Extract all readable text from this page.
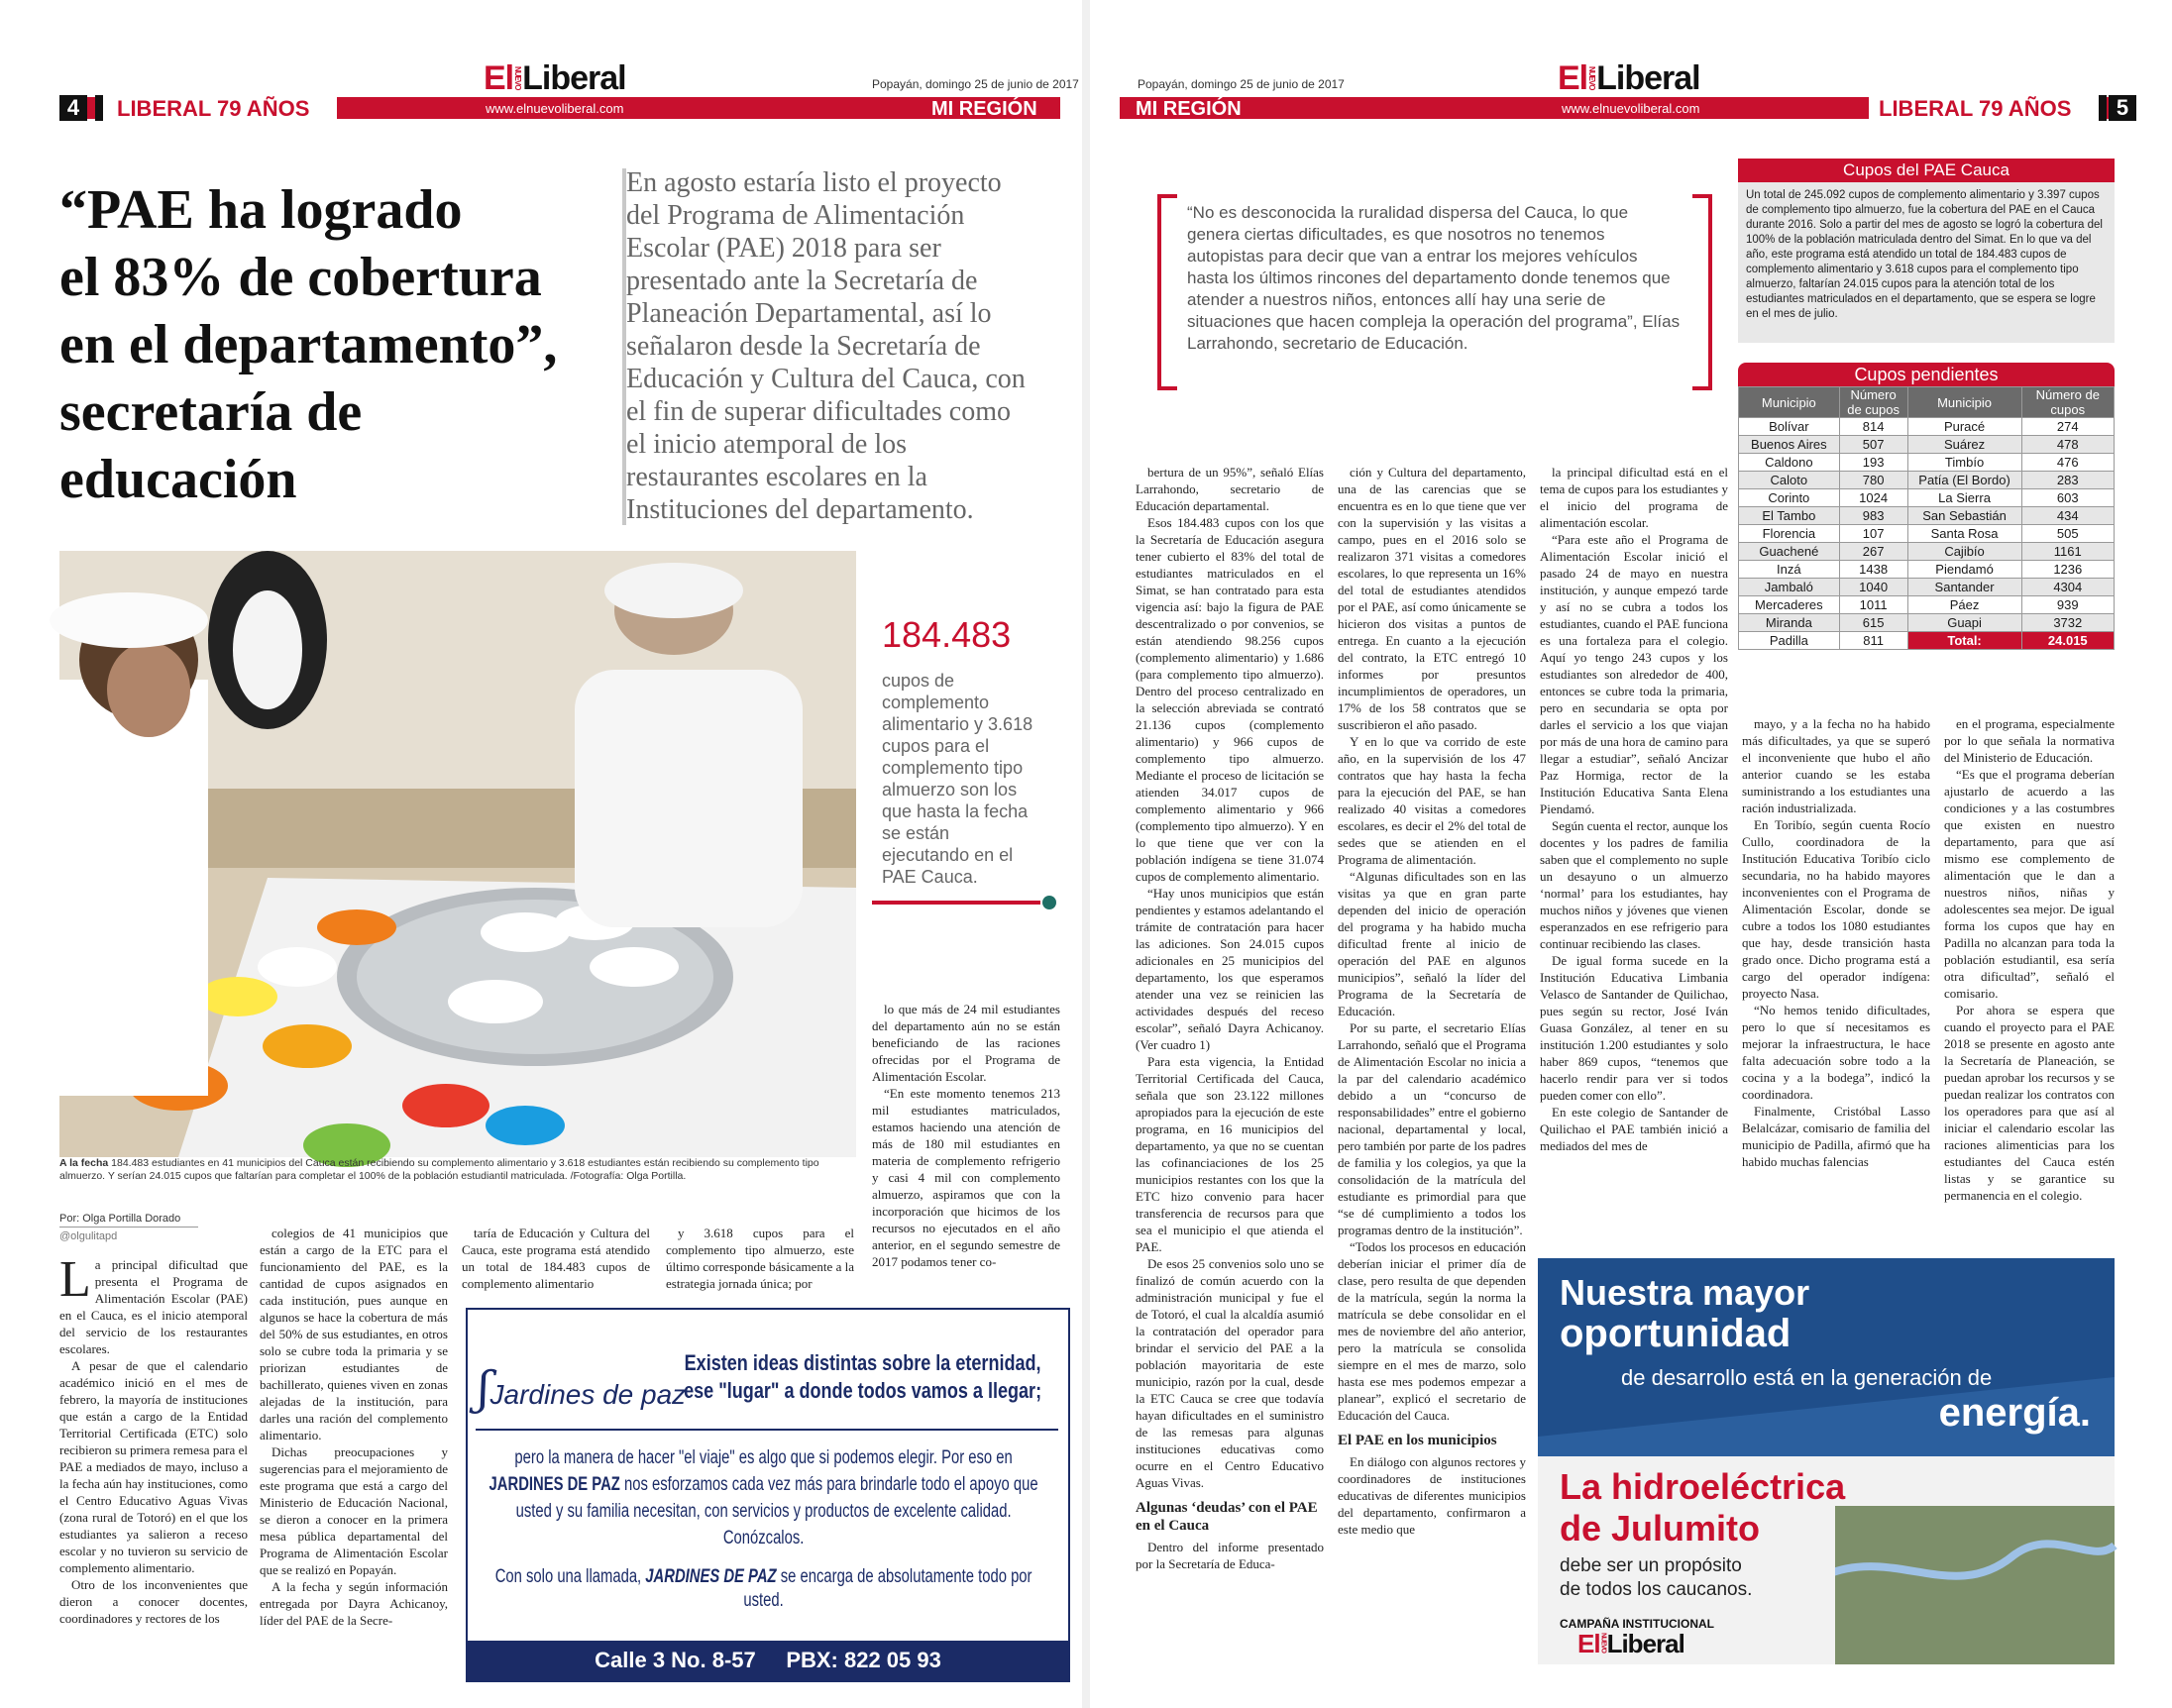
Popayán, domingo 25 de junio de 2017
ElNUEVOLiberal
4	LIBERAL 79 AÑOS	www.elnuevoliberal.com	MI REGIÓN
“PAE ha logrado
el 83% de cobertura
en el departamento”,
secretaría de
educación
En agosto estaría listo el proyecto del Programa de Alimentación Escolar (PAE) 2018 para ser presentado ante la Secretaría de Planeación Departamental, así lo señalaron desde la Secretaría de Educación y Cultura del Cauca, con el fin de superar dificultades como el inicio atemporal de los restaurantes escolares en la Instituciones del departamento.
184.483
cupos de complemento alimentario y 3.618 cupos para el complemento tipo almuerzo son los que hasta la fecha se están ejecutando en el PAE Cauca.
A la fecha 184.483 estudiantes en 41 municipios del Cauca están recibiendo su complemento alimentario y 3.618 estudiantes están recibiendo su complemento tipo almuerzo. Y serían 24.015 cupos que faltarían para completar el 100% de la población estudiantil matriculada. /Fotografía: Olga Portilla.
Por: Olga Portilla Dorado
@olgulitapd

La principal dificultad que presenta el Programa de Alimentación Escolar (PAE) en el Cauca, es el inicio atemporal del servicio de los restaurantes escolares.

A pesar de que el calendario académico inició en el mes de febrero, la mayoría de instituciones que están a cargo de la Entidad Territorial Certificada (ETC) solo recibieron su primera remesa para el PAE a mediados de mayo, incluso a la fecha aún hay instituciones, como el Centro Educativo Aguas Vivas (zona rural de Totoró) en el que los estudiantes ya salieron a receso escolar y no tuvieron su servicio de complemento alimentario.

Otro de los inconvenientes que dieron a conocer docentes, coordinadores y rectores de los

colegios de 41 municipios que están a cargo de la ETC para el funcionamiento del PAE, es la cantidad de cupos asignados en cada institución, pues aunque en algunos se hace la cobertura de más del 50% de sus estudiantes, en otros solo se cubre toda la primaria y se priorizan estudiantes de bachillerato, quienes viven en zonas alejadas de la institución, para darles una ración del complemento alimentario.

Dichas preocupaciones y sugerencias para el mejoramiento de este programa que está a cargo del Ministerio de Educación Nacional, se dieron a conocer en la primera mesa pública departamental del Programa de Alimentación Escolar que se realizó en Popayán.

A la fecha y según información entregada por Dayra Achicanoy, líder del PAE de la Secre-

taría de Educación y Cultura del Cauca, este programa está atendido un total de 184.483 cupos de complemento alimentario

y 3.618 cupos para el complemento tipo almuerzo, este último corresponde básicamente a la estrategia jornada única; por

lo que más de 24 mil estudiantes del departamento aún no se están beneficiando de las raciones ofrecidas por el Programa de Alimentación Escolar.

“En este momento tenemos 213 mil estudiantes matriculados, estamos haciendo una atención de más de 180 mil estudiantes en materia de complemento refrigerio y casi 4 mil con complemento almuerzo, aspiramos que con la incorporación que hicimos de los recursos no ejecutados en el año anterior, en el segundo semestre de 2017 podamos tener co-

ʃJardines de paz
Existen ideas distintas sobre la eternidad, ese "lugar" a donde todos vamos a llegar;
pero la manera de hacer "el viaje" es algo que si podemos elegir. Por eso en JARDINES DE PAZ nos esforzamos cada vez más para brindarle todo el apoyo que usted y su familia necesitan, con servicios y productos de excelente calidad. Conózcalos.
Con solo una llamada, JARDINES DE PAZ se encarga de absolutamente todo por usted.
Calle 3 No. 8-57     PBX: 822 05 93
Popayán, domingo 25 de junio de 2017	ElNUEVOLiberal
MI REGIÓN	www.elnuevoliberal.com	LIBERAL 79 AÑOS	5
“No es desconocida la ruralidad dispersa del Cauca, lo que genera ciertas dificultades, es que nosotros no tenemos autopistas para decir que van a entrar los mejores vehículos hasta los últimos rincones del departamento donde tenemos que atender a nuestros niños, entonces allí hay una serie de situaciones que hacen compleja la operación del programa”, Elías Larrahondo, secretario de Educación.
Cupos del PAE Cauca
Un total de 245.092 cupos de complemento alimentario y 3.397 cupos de complemento tipo almuerzo, fue la cobertura del PAE en el Cauca durante 2016. Solo a partir del mes de agosto se logró la cobertura del 100% de la población matriculada dentro del Simat. En lo que va del año, este programa está atendido un total de 184.483 cupos de complemento alimentario y 3.618 cupos para el complemento tipo almuerzo, faltarían 24.015 cupos para la atención total de los estudiantes matriculados en el departamento, que se espera se logre en el mes de julio.
Cupos pendientes
Municipio	Número de cupos	Municipio	Número de cupos
Bolívar	814	Puracé	274
Buenos Aires	507	Suárez	478
Caldono	193	Timbío	476
Caloto	780	Patía (El Bordo)	283
Corinto	1024	La Sierra	603
El Tambo	983	San Sebastián	434
Florencia	107	Santa Rosa	505
Guachené	267	Cajibío	1161
Inzá	1438	Piendamó	1236
Jambaló	1040	Santander	4304
Mercaderes	1011	Páez	939
Miranda	615	Guapi	3732
Padilla	811	Total:	24.015

bertura de un 95%”, señaló Elías Larrahondo, secretario de Educación departamental.

Esos 184.483 cupos con los que la Secretaría de Educación asegura tener cubierto el 83% del total de estudiantes matriculados en el Simat, se han contratado para esta vigencia así: bajo la figura de PAE descentralizado o por convenios, se están atendiendo 98.256 cupos (complemento alimentario) y 1.686 (para complemento tipo almuerzo). Dentro del proceso centralizado en la selección abreviada se contrató 21.136 cupos (complemento alimentario) y 966 cupos de complemento tipo almuerzo. Mediante el proceso de licitación se atienden 34.017 cupos de complemento alimentario y 966 (complemento tipo almuerzo). Y en lo que tiene que ver con la población indígena se tiene 31.074 cupos de complemento alimentario.

“Hay unos municipios que están pendientes y estamos adelantando el trámite de contratación para hacer las adiciones. Son 24.015 cupos adicionales en 25 municipios del departamento, los que esperamos atender una vez se reinicien las actividades después del receso escolar”, señaló Dayra Achicanoy. (Ver cuadro 1)

Para esta vigencia, la Entidad Territorial Certificada del Cauca, señala que son 23.122 millones apropiados para la ejecución de este programa, en 16 municipios del departamento, ya que no se cuentan las cofinanciaciones de los 25 municipios restantes con los que la ETC hizo convenio para hacer transferencia de recursos para que sea el municipio el que atienda el PAE.

De esos 25 convenios solo uno se finalizó de común acuerdo con la administración municipal y fue el de Totoró, el cual la alcaldía asumió la contratación del operador para brindar el servicio del PAE a la población mayoritaria de este municipio, razón por la cual, desde la ETC Cauca se cree que todavía hayan dificultades en el suministro de las remesas para algunas instituciones educativas como ocurre en el Centro Educativo Aguas Vivas.

Algunas ‘deudas’ con el PAE en el Cauca
Dentro del informe presentado por la Secretaría de Educa-

ción y Cultura del departamento, una de las carencias que se encuentra es en lo que tiene que ver con la supervisión y las visitas a campo, pues en el 2016 solo se realizaron 371 visitas a comedores escolares, lo que representa un 16% del total de estudiantes atendidos por el PAE, así como únicamente se hicieron dos visitas a puntos de entrega. En cuanto a la ejecución del contrato, la ETC entregó 10 informes por presuntos incumplimientos de operadores, un 17% de los 58 contratos que se suscribieron el año pasado.

Y en lo que va corrido de este año, en la supervisión de los 47 contratos que hay hasta la fecha para la ejecución del PAE, se han realizado 40 visitas a comedores escolares, es decir el 2% del total de sedes que se atienden en el Programa de alimentación.

“Algunas dificultades son en las visitas ya que en gran parte dependen del inicio de operación del programa y ha habido mucha dificultad frente al inicio de operación del PAE en algunos municipios”, señaló la líder del Programa de la Secretaría de Educación.

Por su parte, el secretario Elías Larrahondo, señaló que el Programa de Alimentación Escolar no inicia a la par del calendario académico debido a un “concurso de responsabilidades” entre el gobierno nacional, departamental y local, pero también por parte de los padres de familia y los colegios, ya que la consolidación de la matrícula del estudiante es primordial para que “se dé cumplimiento a todos los programas dentro de la institución”.

“Todos los procesos en educación deberían iniciar el primer día de clase, pero resulta de que dependen de la matrícula, según la norma la matrícula se debe consolidar en el mes de noviembre del año anterior, pero la matrícula se consolida siempre en el mes de marzo, solo hasta ese mes podemos empezar a planear”, explicó el secretario de Educación del Cauca.

El PAE en los municipios
En diálogo con algunos rectores y coordinadores de instituciones educativas de diferentes municipios del departamento, confirmaron a este medio que

la principal dificultad está en el tema de cupos para los estudiantes y el inicio del programa de alimentación escolar.

“Para este año el Programa de Alimentación Escolar inició el pasado 24 de mayo en nuestra institución, y aunque empezó tarde y así no se cubra a todos los estudiantes, cuando el PAE funciona es una fortaleza para el colegio. Aquí yo tengo 243 cupos y los estudiantes son alrededor de 400, entonces se cubre toda la primaria, pero en secundaria se opta por darles el servicio a los que viajan por más de una hora de camino para llegar a estudiar”, señaló Ancizar Paz Hormiga, rector de la Institución Educativa Santa Elena Piendamó.

Según cuenta el rector, aunque los docentes y los padres de familia saben que el complemento no suple un desayuno o un almuerzo ‘normal’ para los estudiantes, hay muchos niños y jóvenes que vienen esperanzados en ese refrigerio para continuar recibiendo las clases.

De igual forma sucede en la Institución Educativa Limbania Velasco de Santander de Quilichao, pues según su rector, José Iván Guasa González, al tener en su institución 1.200 estudiantes y solo haber 869 cupos, “tenemos que hacerlo rendir para ver si todos pueden comer con ello”.

En este colegio de Santander de Quilichao el PAE también inició a mediados del mes de

mayo, y a la fecha no ha habido más dificultades, ya que se superó el inconveniente que hubo el año anterior cuando se les estaba suministrando a los estudiantes una ración industrializada.

En Toribío, según cuenta Rocío Cullo, coordinadora de la Institución Educativa Toribío ciclo secundaria, no ha habido mayores inconvenientes con el Programa de Alimentación Escolar, donde se cubre a todos los 1080 estudiantes que hay, desde transición hasta grado once. Dicho programa está a cargo del operador indígena: proyecto Nasa.

“No hemos tenido dificultades, pero lo que sí necesitamos es mejorar la infraestructura, le hace falta adecuación sobre todo a la cocina y a la bodega”, indicó la coordinadora.

Finalmente, Cristóbal Lasso Belalcázar, comisario de familia del municipio de Padilla, afirmó que ha habido muchas falencias

en el programa, especialmente por lo que señala la normativa del Ministerio de Educación.

“Es que el programa deberían ajustarlo de acuerdo a las condiciones y a las costumbres que existen en nuestro departamento, para que así mismo ese complemento de alimentación que le dan a nuestros niños, niñas y adolescentes sea mejor. De igual forma los cupos que hay en Padilla no alcanzan para toda la población estudiantil, esa sería otra dificultad”, señaló el comisario.

Por ahora se espera que cuando el proyecto para el PAE 2018 se presente en agosto ante la Secretaría de Planeación, se puedan aprobar los recursos y se puedan realizar los contratos con los operadores para que así al iniciar el calendario escolar las raciones alimenticias para los estudiantes del Cauca estén listas y se garantice su permanencia en el colegio.

Nuestra mayor
oportunidad
de desarrollo está en la generación de
energía.
La hidroeléctrica
de Julumito
debe ser un propósito
de todos los caucanos.
CAMPAÑA INSTITUCIONAL
ElNUEVOLiberal
